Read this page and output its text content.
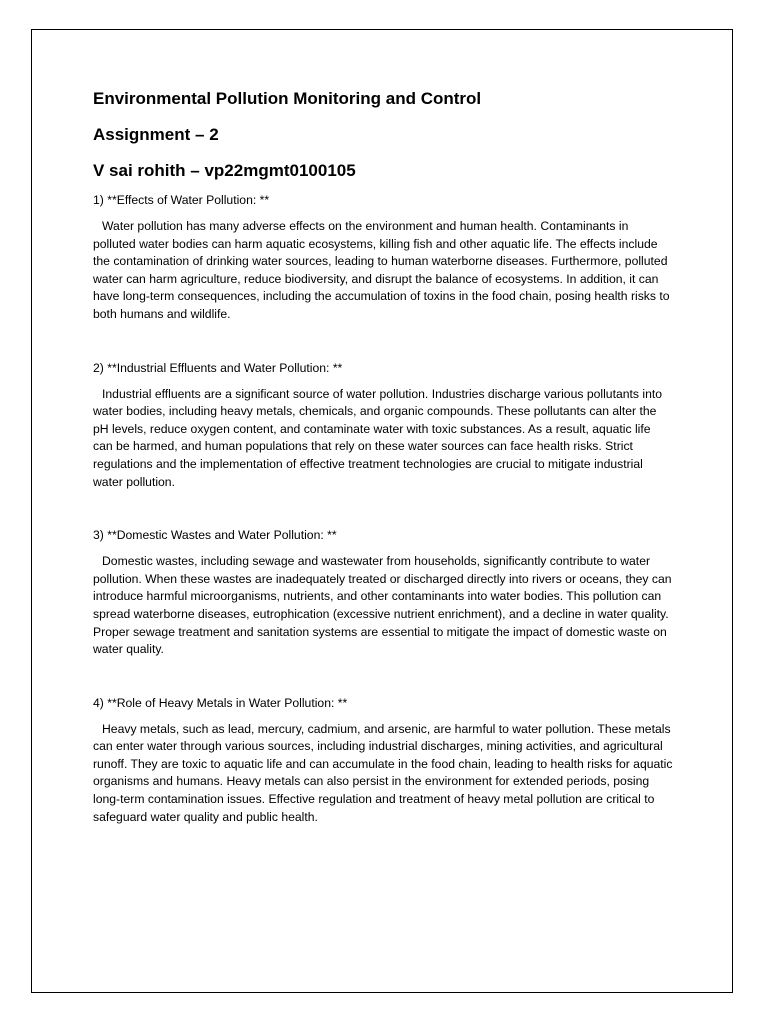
Environmental Pollution Monitoring and Control
Assignment – 2
V sai rohith – vp22mgmt0100105

1) **Effects of Water Pollution: **

Water pollution has many adverse effects on the environment and human health. Contaminants in polluted water bodies can harm aquatic ecosystems, killing fish and other aquatic life. The effects include the contamination of drinking water sources, leading to human waterborne diseases. Furthermore, polluted water can harm agriculture, reduce biodiversity, and disrupt the balance of ecosystems. In addition, it can have long-term consequences, including the accumulation of toxins in the food chain, posing health risks to both humans and wildlife.

2) **Industrial Effluents and Water Pollution: **

Industrial effluents are a significant source of water pollution. Industries discharge various pollutants into water bodies, including heavy metals, chemicals, and organic compounds. These pollutants can alter the pH levels, reduce oxygen content, and contaminate water with toxic substances. As a result, aquatic life can be harmed, and human populations that rely on these water sources can face health risks. Strict regulations and the implementation of effective treatment technologies are crucial to mitigate industrial water pollution.

3) **Domestic Wastes and Water Pollution: **

Domestic wastes, including sewage and wastewater from households, significantly contribute to water pollution. When these wastes are inadequately treated or discharged directly into rivers or oceans, they can introduce harmful microorganisms, nutrients, and other contaminants into water bodies. This pollution can spread waterborne diseases, eutrophication (excessive nutrient enrichment), and a decline in water quality. Proper sewage treatment and sanitation systems are essential to mitigate the impact of domestic waste on water quality.

4) **Role of Heavy Metals in Water Pollution: **

Heavy metals, such as lead, mercury, cadmium, and arsenic, are harmful to water pollution. These metals can enter water through various sources, including industrial discharges, mining activities, and agricultural runoff. They are toxic to aquatic life and can accumulate in the food chain, leading to health risks for aquatic organisms and humans. Heavy metals can also persist in the environment for extended periods, posing long-term contamination issues. Effective regulation and treatment of heavy metal pollution are critical to safeguard water quality and public health.
